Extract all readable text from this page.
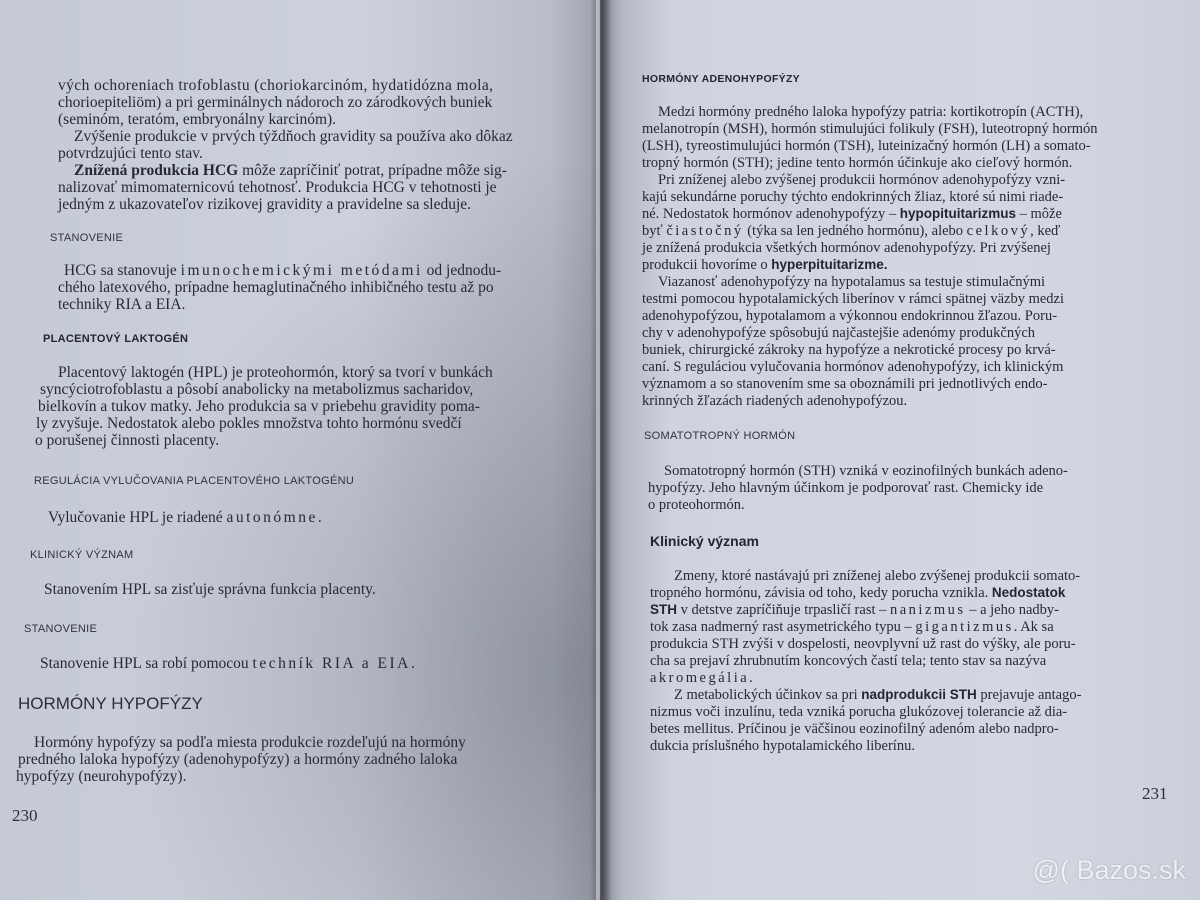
vých ochoreniach trofoblastu (choriokarcinóm, hydatidózna mola,

chorioepiteliöm) a pri germinálnych nádoroch zo zárodkových buniek

(seminóm, teratóm, embryonálny karcinóm).

Zvýšenie produkcie v prvých týždňoch gravidity sa používa ako dôkaz

potvrdzujúci tento stav.

Znížená produkcia HCG môže zapríčiniť potrat, prípadne môže sig-

nalizovať mimomaternicovú tehotnosť. Produkcia HCG v tehotnosti je

jedným z ukazovateľov rizikovej gravidity a pravidelne sa sleduje.

STANOVENIE

HCG sa stanovuje imunochemickými metódami od jednodu-

chého latexového, prípadne hemaglutinačného inhibičného testu až po

techniky RIA a EIA.

PLACENTOVÝ LAKTOGÉN

Placentový laktogén (HPL) je proteohormón, ktorý sa tvorí v bunkách

syncýciotrofoblastu a pôsobí anabolicky na metabolizmus sacharidov,

bielkovín a tukov matky. Jeho produkcia sa v priebehu gravidity poma-

ly zvyšuje. Nedostatok alebo pokles množstva tohto hormónu svedčí

o porušenej činnosti placenty.

REGULÁCIA VYLUČOVANIA PLACENTOVÉHO LAKTOGÉNU

Vylučovanie HPL je riadené autonómne.

KLINICKÝ VÝZNAM

Stanovením HPL sa zisťuje správna funkcia placenty.

STANOVENIE

Stanovenie HPL sa robí pomocou techník RIA a EIA.

HORMÓNY HYPOFÝZY

Hormóny hypofýzy sa podľa miesta produkcie rozdeľujú na hormóny

predného laloka hypofýzy (adenohypofýzy) a hormóny zadného laloka

hypofýzy (neurohypofýzy).

230

HORMÓNY ADENOHYPOFÝZY

Medzi hormóny predného laloka hypofýzy patria: kortikotropín (ACTH),

melanotropín (MSH), hormón stimulujúci folikuly (FSH), luteotropný hormón

(LSH), tyreostimulujúci hormón (TSH), luteinizačný hormón (LH) a somato-

tropný hormón (STH); jedine tento hormón účinkuje ako cieľový hormón.

Pri zníženej alebo zvýšenej produkcii hormónov adenohypofýzy vzni-

kajú sekundárne poruchy týchto endokrinných žliaz, ktoré sú nimi riade-

né. Nedostatok hormónov adenohypofýzy – hypopituitarizmus – môže

byť čiastočný (týka sa len jedného hormónu), alebo celkový, keď

je znížená produkcia všetkých hormónov adenohypofýzy. Pri zvýšenej

produkcii hovoríme o hyperpituitarizme.

Viazanosť adenohypofýzy na hypotalamus sa testuje stimulačnými

testmi pomocou hypotalamických liberínov v rámci spätnej väzby medzi

adenohypofýzou, hypotalamom a výkonnou endokrinnou žľazou. Poru-

chy v adenohypofýze spôsobujú najčastejšie adenómy produkčných

buniek, chirurgické zákroky na hypofýze a nekrotické procesy po krvá-

caní. S reguláciou vylučovania hormónov adenohypofýzy, ich klinickým

významom a so stanovením sme sa oboznámili pri jednotlivých endo-

krinných žľazách riadených adenohypofýzou.

SOMATOTROPNÝ HORMÓN

Somatotropný hormón (STH) vzniká v eozinofilných bunkách adeno-

hypofýzy. Jeho hlavným účinkom je podporovať rast. Chemicky ide

o proteohormón.

Klinický význam

Zmeny, ktoré nastávajú pri zníženej alebo zvýšenej produkcii somato-

tropného hormónu, závisia od toho, kedy porucha vznikla. Nedostatok

STH v detstve zapríčiňuje trpasličí rast – nanizmus – a jeho nadby-

tok zasa nadmerný rast asymetrického typu – gigantizmus. Ak sa

produkcia STH zvýši v dospelosti, neovplyvní už rast do výšky, ale poru-

cha sa prejaví zhrubnutím koncových častí tela; tento stav sa nazýva

akromegália.

Z metabolických účinkov sa pri nadprodukcii STH prejavuje antago-

nizmus voči inzulínu, teda vzniká porucha glukózovej tolerancie až dia-

betes mellitus. Príčinou je väčšinou eozinofilný adenóm alebo nadpro-

dukcia príslušného hypotalamického liberínu.

231

@( Bazos.sk
